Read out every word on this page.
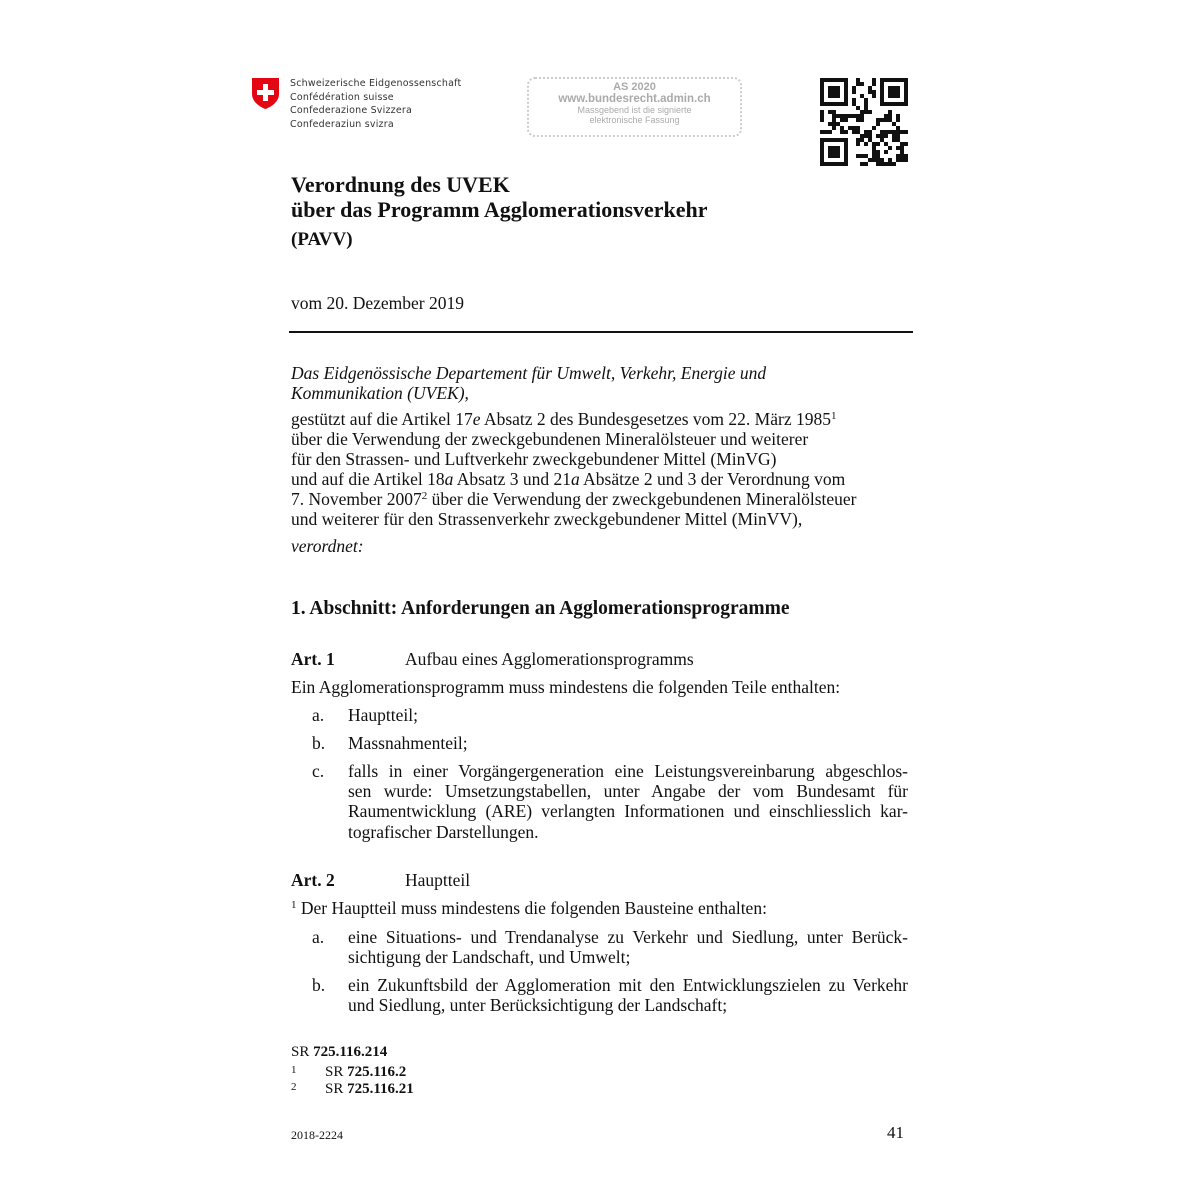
Schweizerische Eidgenossenschaft
Confédération suisse
Confederazione Svizzera
Confederaziun svizra
AS 2020
www.bundesrecht.admin.ch
Massgebend ist die signierte
elektronische Fassung
Verordnung des UVEK
über das Programm Agglomerationsverkehr
(PAVV)
vom 20. Dezember 2019
Das Eidgenössische Departement für Umwelt, Verkehr, Energie und
Kommunikation (UVEK),
gestützt auf die Artikel 17e Absatz 2 des Bundesgesetzes vom 22. März 1985$^1$
über die Verwendung der zweckgebundenen Mineralölsteuer und weiterer
für den Strassen- und Luftverkehr zweckgebundener Mittel (MinVG)
und auf die Artikel 18a Absatz 3 und 21a Absätze 2 und 3 der Verordnung vom
7. November 2007$^2$ über die Verwendung der zweckgebundenen Mineralölsteuer
und weiterer für den Strassenverkehr zweckgebundener Mittel (MinVV),
verordnet:
1. Abschnitt: Anforderungen an Agglomerationsprogramme
Art. 1	Aufbau eines Agglomerationsprogramms
Ein Agglomerationsprogramm muss mindestens die folgenden Teile enthalten:
a. Hauptteil;
b. Massnahmenteil;
c. falls in einer Vorgängergeneration eine Leistungsvereinbarung abgeschlos-
sen wurde: Umsetzungstabellen, unter Angabe der vom Bundesamt für
Raumentwicklung (ARE) verlangten Informationen und einschliesslich kar-
tografischer Darstellungen.
Art. 2	Hauptteil
$^1$ Der Hauptteil muss mindestens die folgenden Bausteine enthalten:
a. eine Situations- und Trendanalyse zu Verkehr und Siedlung, unter Berück-
sichtigung der Landschaft, und Umwelt;
b. ein Zukunftsbild der Agglomeration mit den Entwicklungszielen zu Verkehr
und Siedlung, unter Berücksichtigung der Landschaft;
SR 725.116.214
1 SR 725.116.2
2 SR 725.116.21
2018-2224	41
